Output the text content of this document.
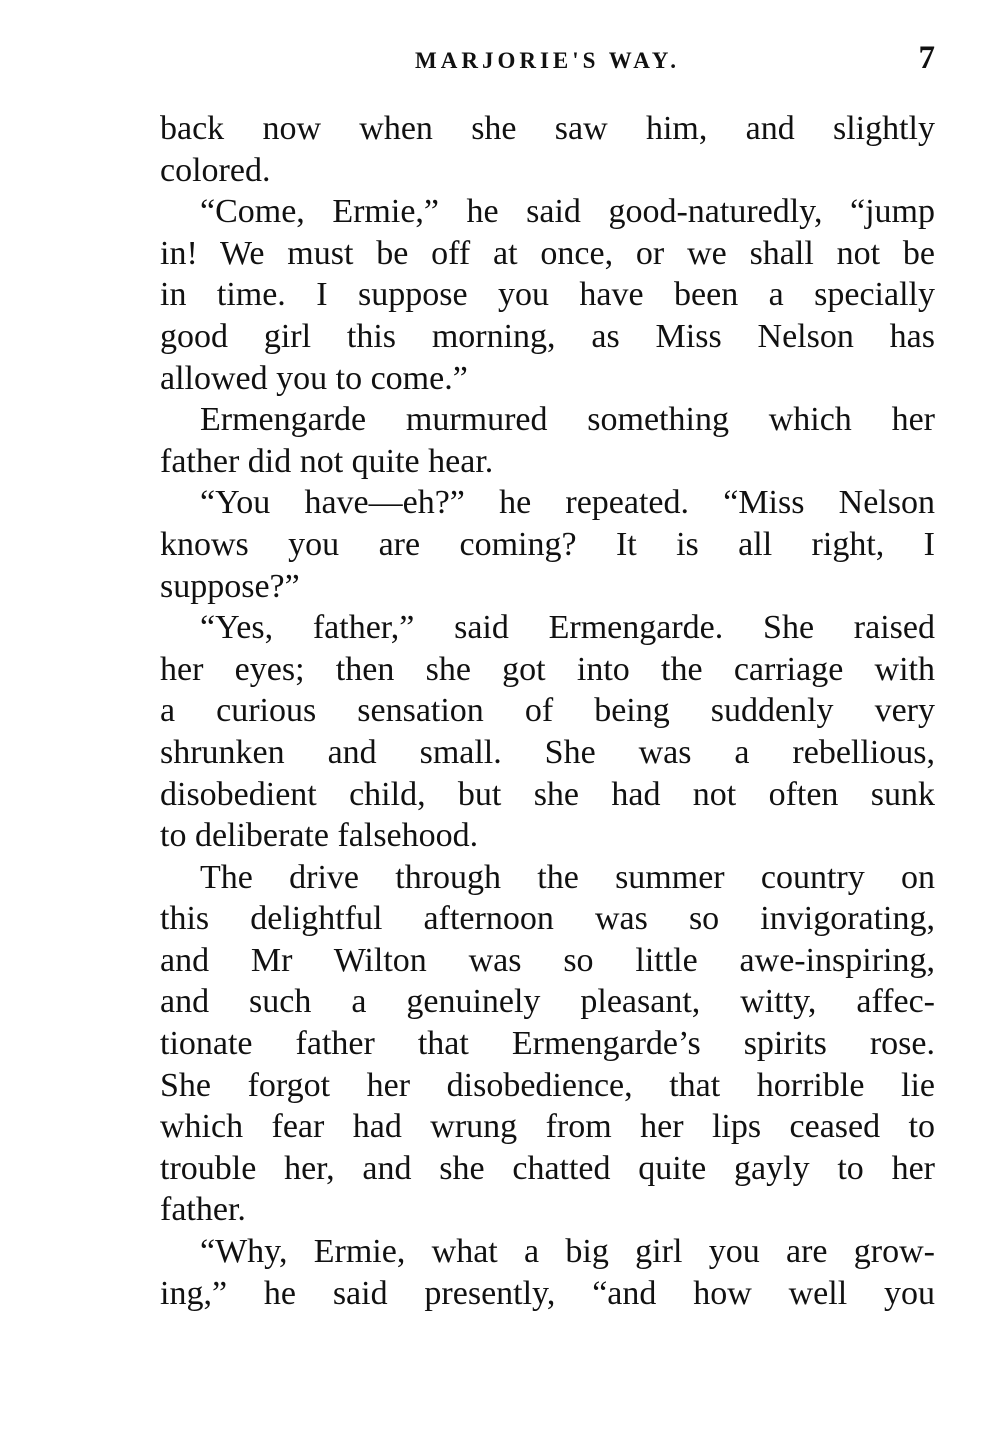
MARJORIE'S WAY.	7
back now when she saw him, and slightly
colored.
“Come, Ermie,” he said good-naturedly, “jump
in! We must be off at once, or we shall not be
in time. I suppose you have been a specially
good girl this morning, as Miss Nelson has
allowed you to come.”
Ermengarde murmured something which her
father did not quite hear.
“You have—eh?” he repeated. “Miss Nelson
knows you are coming? It is all right, I
suppose?”
“Yes, father,” said Ermengarde. She raised
her eyes; then she got into the carriage with
a curious sensation of being suddenly very
shrunken and small. She was a rebellious,
disobedient child, but she had not often sunk
to deliberate falsehood.
The drive through the summer country on
this delightful afternoon was so invigorating,
and Mr Wilton was so little awe-inspiring,
and such a genuinely pleasant, witty, affec-
tionate father that Ermengarde’s spirits rose.
She forgot her disobedience, that horrible lie
which fear had wrung from her lips ceased to
trouble her, and she chatted quite gayly to her
father.
“Why, Ermie, what a big girl you are grow-
ing,” he said presently, “and how well you
